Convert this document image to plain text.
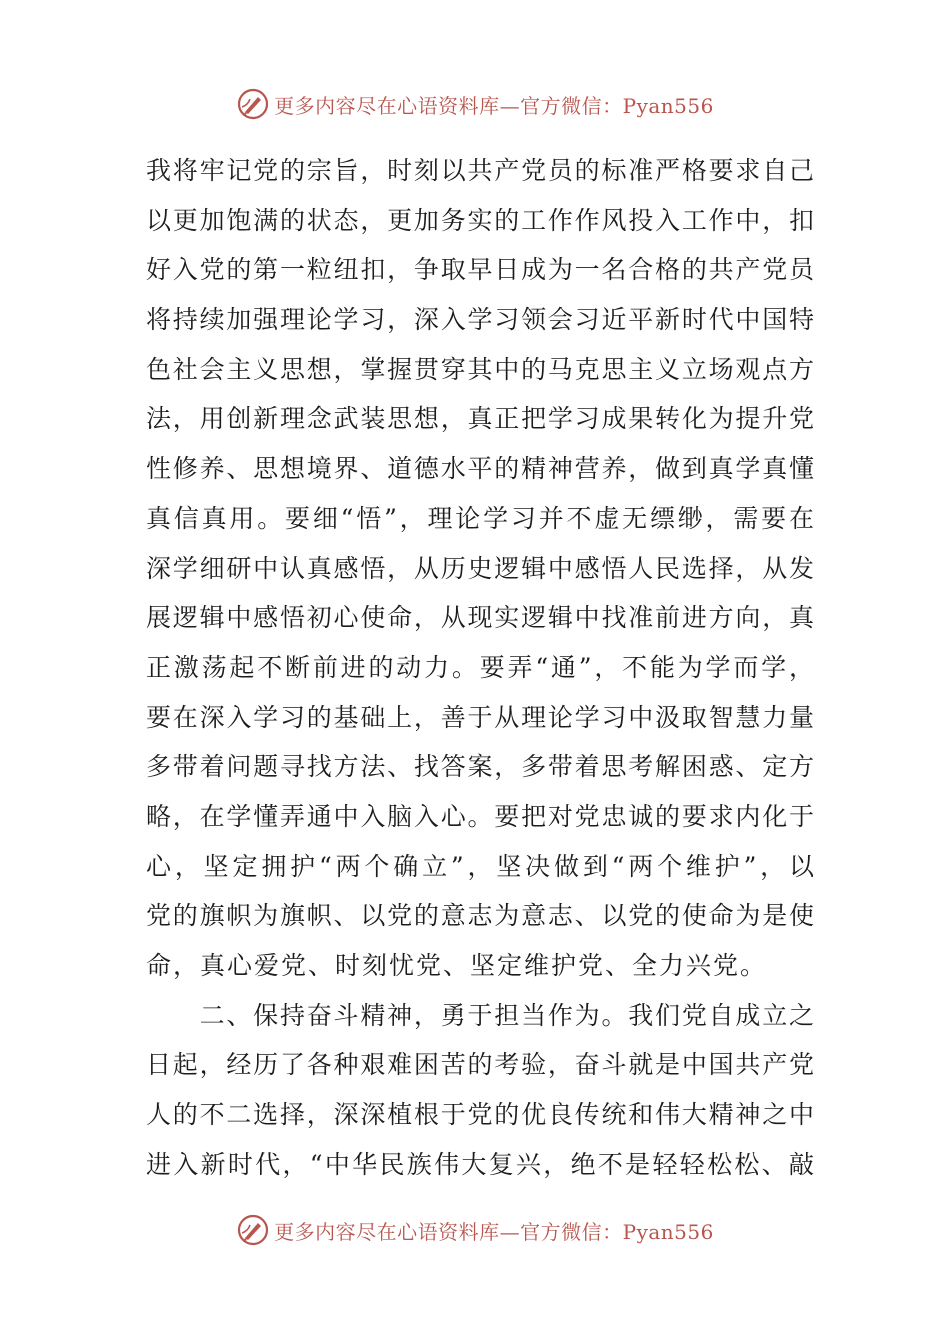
更多内容尽在心语资料库—官方微信：Pyan556
我将牢记党的宗旨，时刻以共产党员的标准严格要求自己
以更加饱满的状态，更加务实的工作作风投入工作中，扣
好入党的第一粒纽扣，争取早日成为一名合格的共产党员
将持续加强理论学习，深入学习领会习近平新时代中国特
色社会主义思想，掌握贯穿其中的马克思主义立场观点方
法，用创新理念武装思想，真正把学习成果转化为提升党
性修养、思想境界、道德水平的精神营养，做到真学真懂
真信真用。要细“悟”，理论学习并不虚无缥缈，需要在
深学细研中认真感悟，从历史逻辑中感悟人民选择，从发
展逻辑中感悟初心使命，从现实逻辑中找准前进方向，真
正激荡起不断前进的动力。要弄“通”，不能为学而学，
要在深入学习的基础上，善于从理论学习中汲取智慧力量
多带着问题寻找方法、找答案，多带着思考解困惑、定方
略，在学懂弄通中入脑入心。要把对党忠诚的要求内化于
心，坚定拥护“两个确立”，坚决做到“两个维护”，以
党的旗帜为旗帜、以党的意志为意志、以党的使命为是使
命，真心爱党、时刻忧党、坚定维护党、全力兴党。
　　二、保持奋斗精神，勇于担当作为。我们党自成立之
日起，经历了各种艰难困苦的考验，奋斗就是中国共产党
人的不二选择，深深植根于党的优良传统和伟大精神之中
进入新时代，“中华民族伟大复兴，绝不是轻轻松松、敲
更多内容尽在心语资料库—官方微信：Pyan556
